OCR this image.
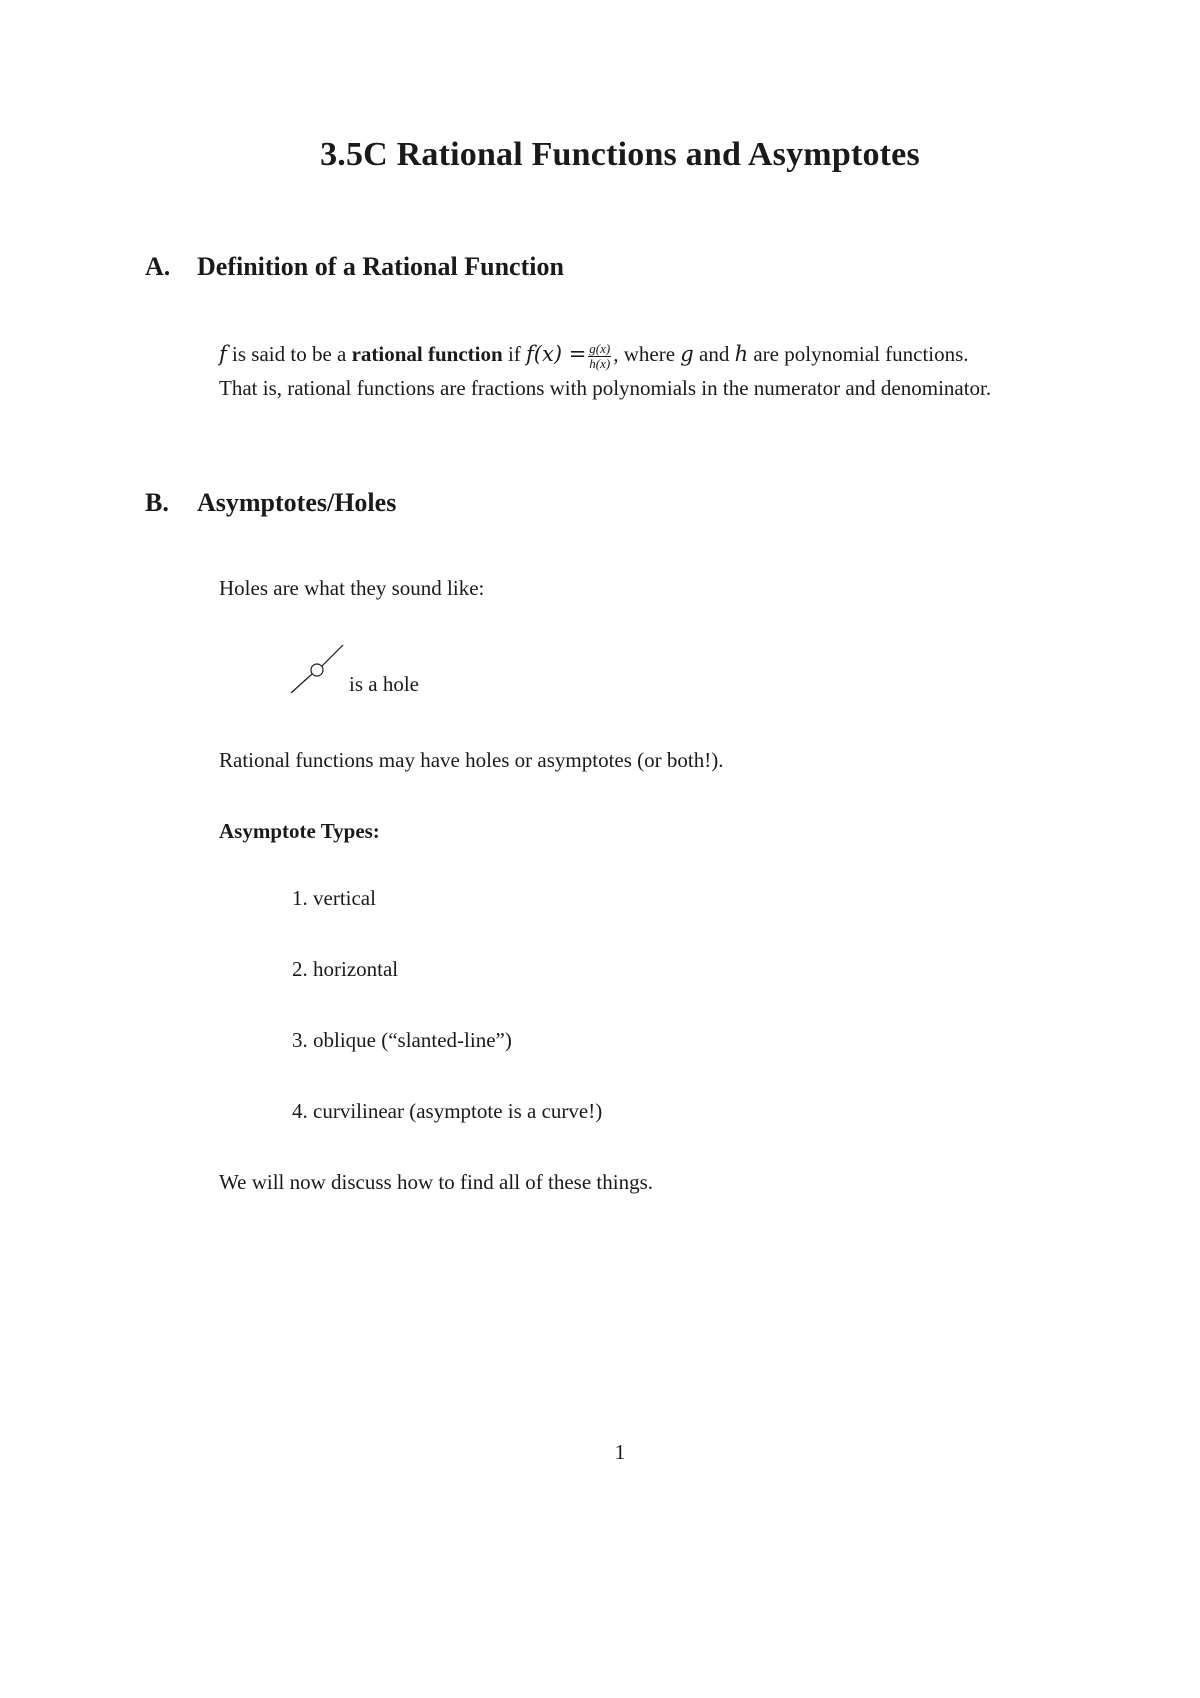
3.5C Rational Functions and Asymptotes
A. Definition of a Rational Function
f is said to be a rational function if $f(x) = \frac{g(x)}{h(x)}$ , where g and h are polynomial functions.
That is, rational functions are fractions with polynomials in the numerator and denominator.
B. Asymptotes/Holes
Holes are what they sound like:
is a hole
Rational functions may have holes or asymptotes (or both!).
Asymptote Types:
1. vertical
2. horizontal
3. oblique (“slanted-line”)
4. curvilinear (asymptote is a curve!)
We will now discuss how to find all of these things.
1
